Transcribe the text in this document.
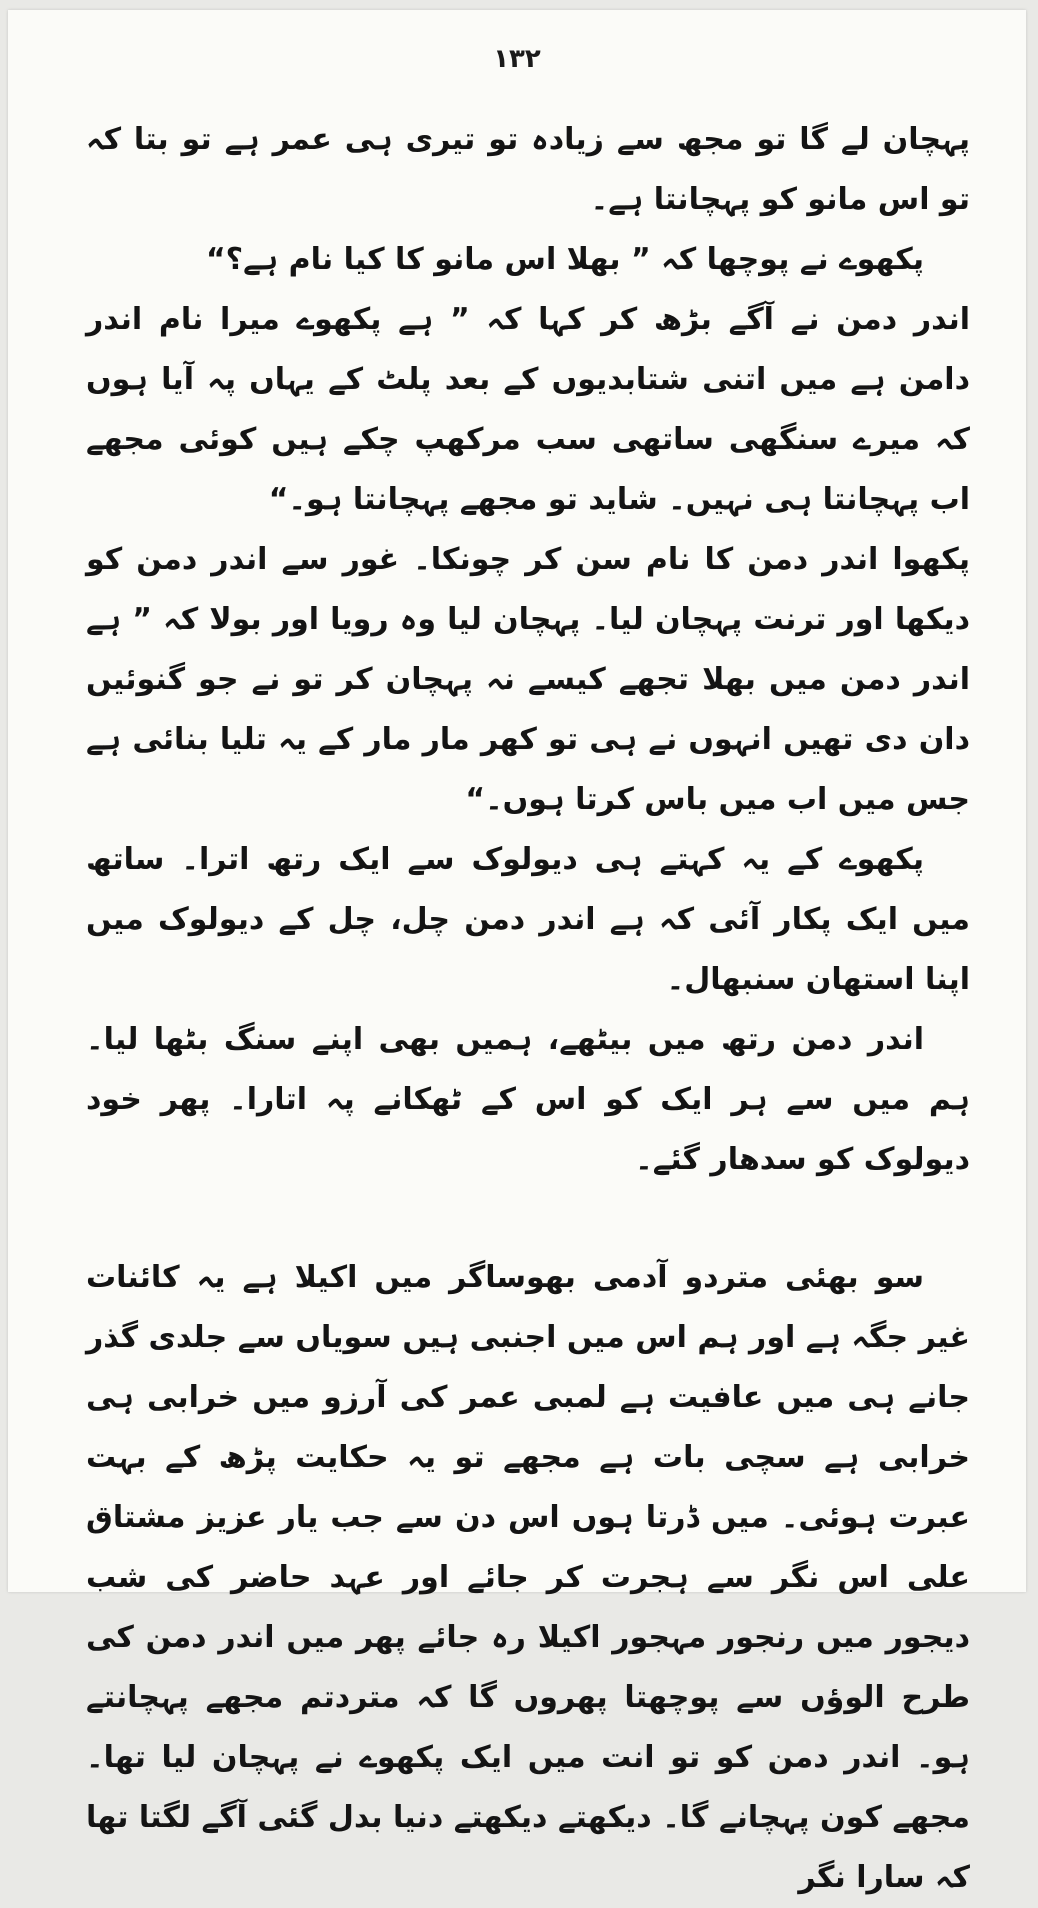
۱۳۲

پہچان لے گا تو مجھ سے زیادہ تو تیری ہی عمر ہے تو بتا کہ تو اس مانو کو پہچانتا ہے۔

پکھوے نے پوچھا کہ ” بھلا اس مانو کا کیا نام ہے؟“

اندر دمن نے آگے بڑھ کر کہا کہ ” ہے پکھوے میرا نام اندر دامن ہے میں اتنی شتابدیوں کے بعد پلٹ کے یہاں پہ آیا ہوں کہ میرے سنگھی ساتھی سب مرکھپ چکے ہیں کوئی مجھے اب پہچانتا ہی نہیں۔ شاید تو مجھے پہچانتا ہو۔“

پکھوا اندر دمن کا نام سن کر چونکا۔ غور سے اندر دمن کو دیکھا اور ترنت پہچان لیا۔ پہچان لیا وہ رویا اور بولا کہ ” ہے اندر دمن میں بھلا تجھے کیسے نہ پہچان کر تو نے جو گنوئیں دان دی تھیں انہوں نے ہی تو کھر مار مار کے یہ تلیا بنائی ہے جس میں اب میں باس کرتا ہوں۔“

پکھوے کے یہ کہتے ہی دیولوک سے ایک رتھ اترا۔ ساتھ میں ایک پکار آئی کہ ہے اندر دمن چل، چل کے دیولوک میں اپنا استھان سنبھال۔

اندر دمن رتھ میں بیٹھے، ہمیں بھی اپنے سنگ بٹھا لیا۔ ہم میں سے ہر ایک کو اس کے ٹھکانے پہ اتارا۔ پھر خود دیولوک کو سدھار گئے۔

سو بھئی متردو آدمی بھوساگر میں اکیلا ہے یہ کائنات غیر جگہ ہے اور ہم اس میں اجنبی ہیں سویاں سے جلدی گذر جانے ہی میں عافیت ہے لمبی عمر کی آرزو میں خرابی ہی خرابی ہے سچی بات ہے مجھے تو یہ حکایت پڑھ کے بہت عبرت ہوئی۔ میں ڈرتا ہوں اس دن سے جب یار عزیز مشتاق علی اس نگر سے ہجرت کر جائے اور عہد حاضر کی شب دیجور میں رنجور مہجور اکیلا رہ جائے پھر میں اندر دمن کی طرح الوؤں سے پوچھتا پھروں گا کہ متردتم مجھے پہچانتے ہو۔ اندر دمن کو تو انت میں ایک پکھوے نے پہچان لیا تھا۔ مجھے کون پہچانے گا۔ دیکھتے دیکھتے دنیا بدل گئی آگے لگتا تھا کہ سارا نگر
